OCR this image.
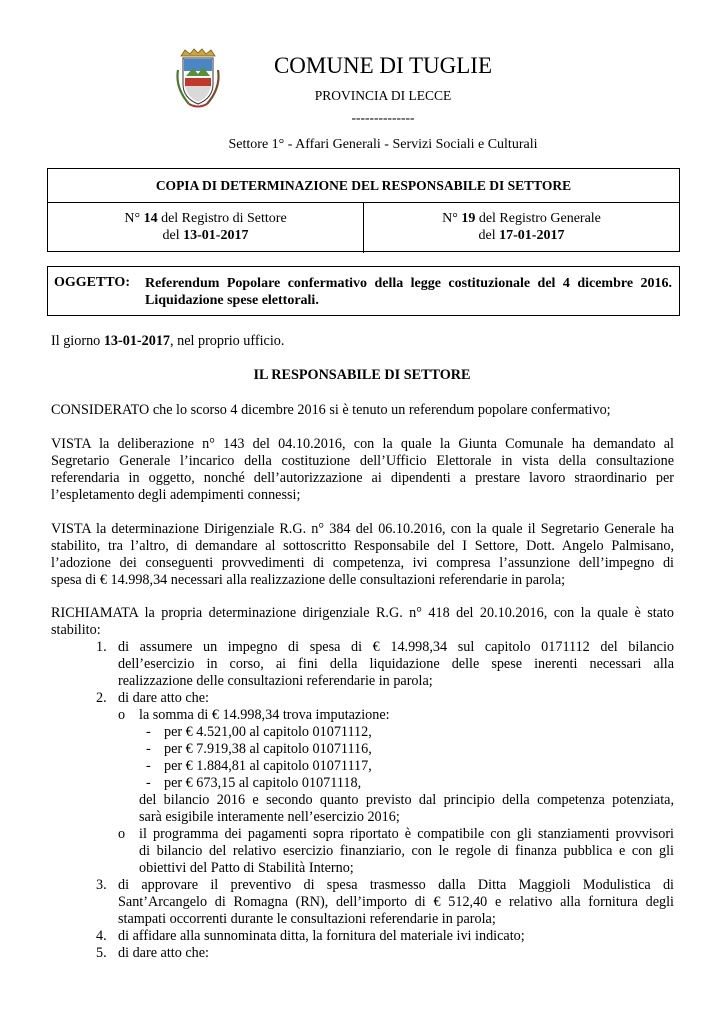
COMUNE DI TUGLIE
PROVINCIA DI LECCE
--------------
Settore 1° - Affari Generali - Servizi Sociali e Culturali
COPIA DI DETERMINAZIONE DEL RESPONSABILE DI SETTORE
N° 14 del Registro di Settore
del 13-01-2017
N° 19 del Registro Generale
del 17-01-2017
OGGETTO: Referendum Popolare confermativo della legge costituzionale del 4 dicembre 2016.
Liquidazione spese elettorali.
Il giorno 13-01-2017, nel proprio ufficio.
IL RESPONSABILE DI SETTORE
CONSIDERATO che lo scorso 4 dicembre 2016 si è tenuto un referendum popolare confermativo;
VISTA la deliberazione n° 143 del 04.10.2016, con la quale la Giunta Comunale ha demandato al
Segretario Generale l’incarico della costituzione dell’Ufficio Elettorale in vista della consultazione
referendaria in oggetto, nonché dell’autorizzazione ai dipendenti a prestare lavoro straordinario per
l’espletamento degli adempimenti connessi;
VISTA la determinazione Dirigenziale R.G. n° 384 del 06.10.2016, con la quale il Segretario Generale ha
stabilito, tra l’altro, di demandare al sottoscritto Responsabile del I Settore, Dott. Angelo Palmisano,
l’adozione dei conseguenti provvedimenti di competenza, ivi compresa l’assunzione dell’impegno di
spesa di € 14.998,34 necessari alla realizzazione delle consultazioni referendarie in parola;
RICHIAMATA la propria determinazione dirigenziale R.G. n° 418 del 20.10.2016, con la quale è stato
stabilito:
1. di assumere un impegno di spesa di € 14.998,34 sul capitolo 0171112 del bilancio
dell’esercizio in corso, ai fini della liquidazione delle spese inerenti necessari alla
realizzazione delle consultazioni referendarie in parola;
2. di dare atto che:
o la somma di € 14.998,34 trova imputazione:
- per € 4.521,00 al capitolo 01071112,
- per € 7.919,38 al capitolo 01071116,
- per € 1.884,81 al capitolo 01071117,
- per € 673,15 al capitolo 01071118,
del bilancio 2016 e secondo quanto previsto dal principio della competenza potenziata,
sarà esigibile interamente nell’esercizio 2016;
o il programma dei pagamenti sopra riportato è compatibile con gli stanziamenti provvisori
di bilancio del relativo esercizio finanziario, con le regole di finanza pubblica e con gli
obiettivi del Patto di Stabilità Interno;
3. di approvare il preventivo di spesa trasmesso dalla Ditta Maggioli Modulistica di
Sant’Arcangelo di Romagna (RN), dell’importo di € 512,40 e relativo alla fornitura degli
stampati occorrenti durante le consultazioni referendarie in parola;
4. di affidare alla sunnominata ditta, la fornitura del materiale ivi indicato;
5. di dare atto che:
